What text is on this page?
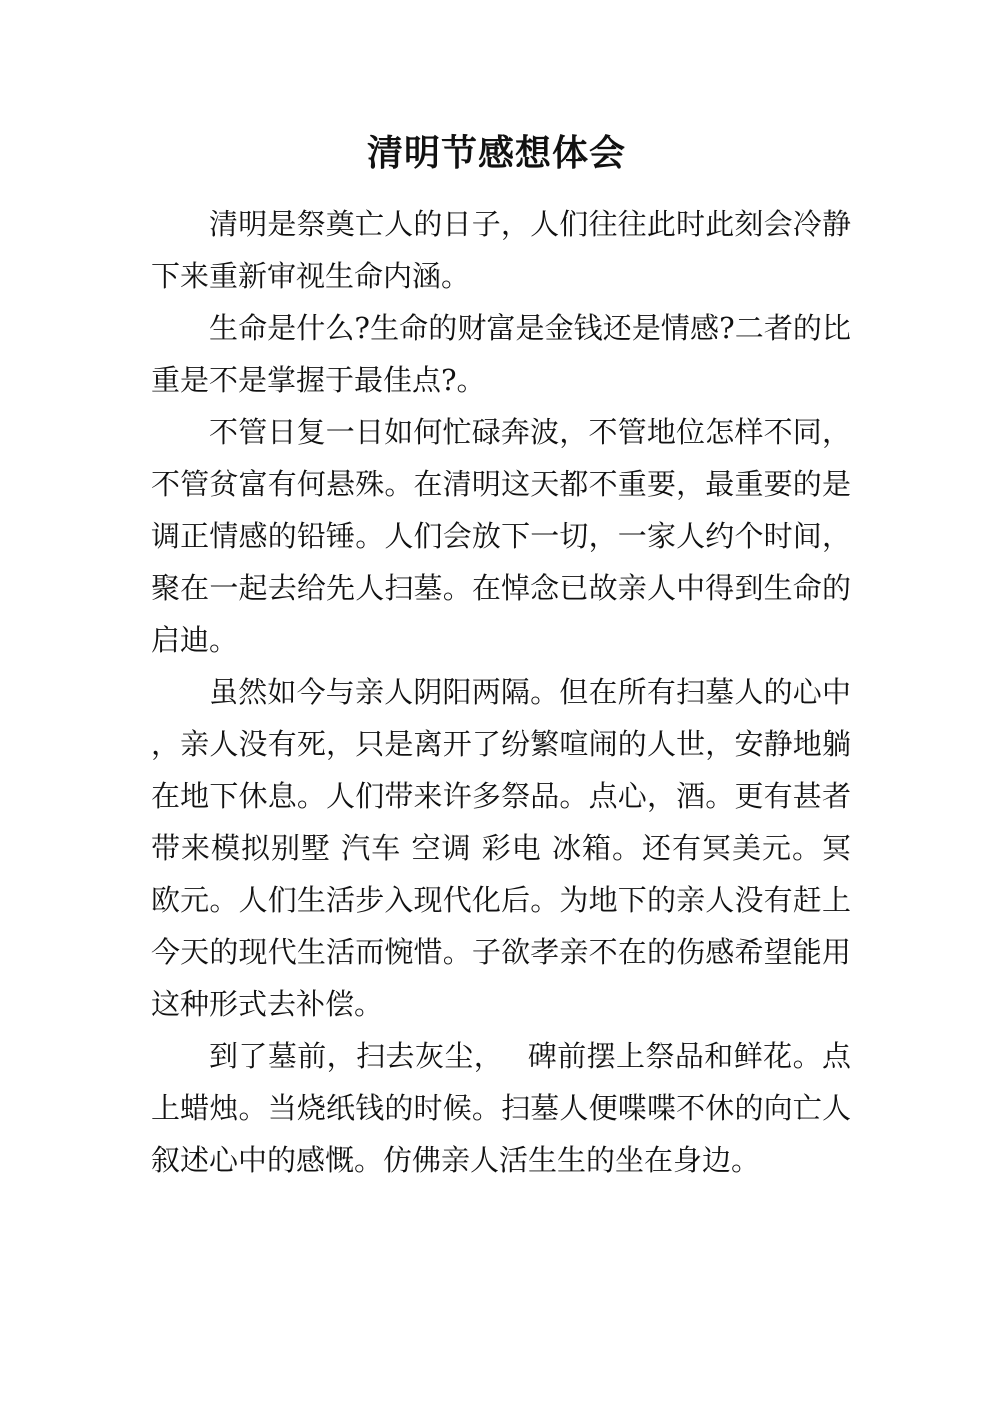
清明节感想体会

清明是祭奠亡人的日子，人们往往此时此刻会冷静下来重新审视生命内涵。

生命是什么?生命的财富是金钱还是情感?二者的比重是不是掌握于最佳点?。

不管日复一日如何忙碌奔波，不管地位怎样不同，不管贫富有何悬殊。在清明这天都不重要，最重要的是调正情感的铅锤。人们会放下一切，一家人约个时间，聚在一起去给先人扫墓。在悼念已故亲人中得到生命的启迪。

虽然如今与亲人阴阳两隔。但在所有扫墓人的心中，亲人没有死，只是离开了纷繁喧闹的人世，安静地躺在地下休息。人们带来许多祭品。点心，酒。更有甚者带来模拟别墅 汽车 空调 彩电 冰箱。还有冥美元。冥欧元。人们生活步入现代化后。为地下的亲人没有赶上今天的现代生活而惋惜。子欲孝亲不在的伤感希望能用这种形式去补偿。

到了墓前，扫去灰尘，　 碑前摆上祭品和鲜花。点上蜡烛。当烧纸钱的时候。扫墓人便喋喋不休的向亡人叙述心中的感慨。仿佛亲人活生生的坐在身边。
